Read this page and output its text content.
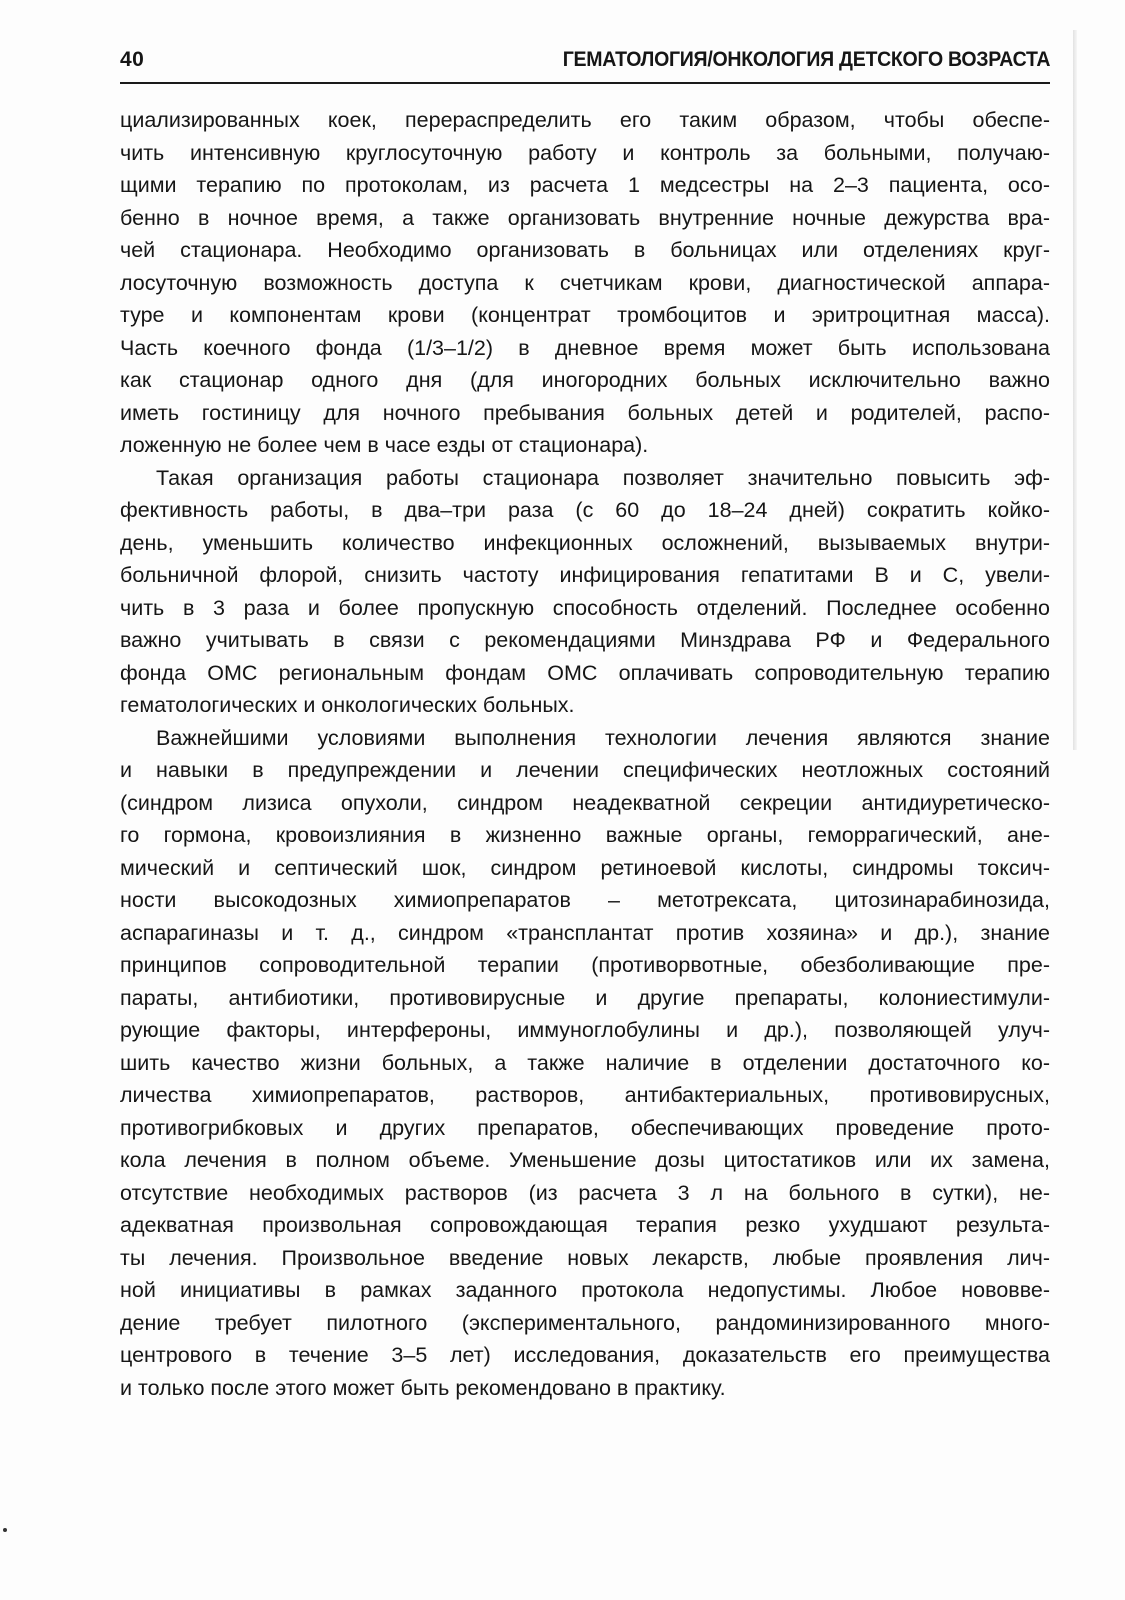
40	ГЕМАТОЛОГИЯ/ОНКОЛОГИЯ ДЕТСКОГО ВОЗРАСТА

циализированных коек, перераспределить его таким образом, чтобы обеспе-
чить интенсивную круглосуточную работу и контроль за больными, получаю-
щими терапию по протоколам, из расчета 1 медсестры на 2–3 пациента, осо-
бенно в ночное время, а также организовать внутренние ночные дежурства вра-
чей стационара. Необходимо организовать в больницах или отделениях круг-
лосуточную возможность доступа к счетчикам крови, диагностической аппара-
туре и компонентам крови (концентрат тромбоцитов и эритроцитная масса).
Часть коечного фонда (1/3–1/2) в дневное время может быть использована
как стационар одного дня (для иногородних больных исключительно важно
иметь гостиницу для ночного пребывания больных детей и родителей, распо-
ложенную не более чем в часе езды от стационара).

Такая организация работы стационара позволяет значительно повысить эф-
фективность работы, в два–три раза (с 60 до 18–24 дней) сократить койко-
день, уменьшить количество инфекционных осложнений, вызываемых внутри-
больничной флорой, снизить частоту инфицирования гепатитами В и С, увели-
чить в 3 раза и более пропускную способность отделений. Последнее особенно
важно учитывать в связи с рекомендациями Минздрава РФ и Федерального
фонда ОМС региональным фондам ОМС оплачивать сопроводительную терапию
гематологических и онкологических больных.

Важнейшими условиями выполнения технологии лечения являются знание
и навыки в предупреждении и лечении специфических неотложных состояний
(синдром лизиса опухоли, синдром неадекватной секреции антидиуретическо-
го гормона, кровоизлияния в жизненно важные органы, геморрагический, ане-
мический и септический шок, синдром ретиноевой кислоты, синдромы токсич-
ности высокодозных химиопрепаратов – метотрексата, цитозинарабинозида,
аспарагиназы и т. д., синдром «трансплантат против хозяина» и др.), знание
принципов сопроводительной терапии (противорвотные, обезболивающие пре-
параты, антибиотики, противовирусные и другие препараты, колониестимули-
рующие факторы, интерфероны, иммуноглобулины и др.), позволяющей улуч-
шить качество жизни больных, а также наличие в отделении достаточного ко-
личества химиопрепаратов, растворов, антибактериальных, противовирусных,
противогрибковых и других препаратов, обеспечивающих проведение прото-
кола лечения в полном объеме. Уменьшение дозы цитостатиков или их замена,
отсутствие необходимых растворов (из расчета 3 л на больного в сутки), не-
адекватная произвольная сопровождающая терапия резко ухудшают результа-
ты лечения. Произвольное введение новых лекарств, любые проявления лич-
ной инициативы в рамках заданного протокола недопустимы. Любое нововве-
дение требует пилотного (экспериментального, рандоминизированного много-
центрового в течение 3–5 лет) исследования, доказательств его преимущества
и только после этого может быть рекомендовано в практику.
